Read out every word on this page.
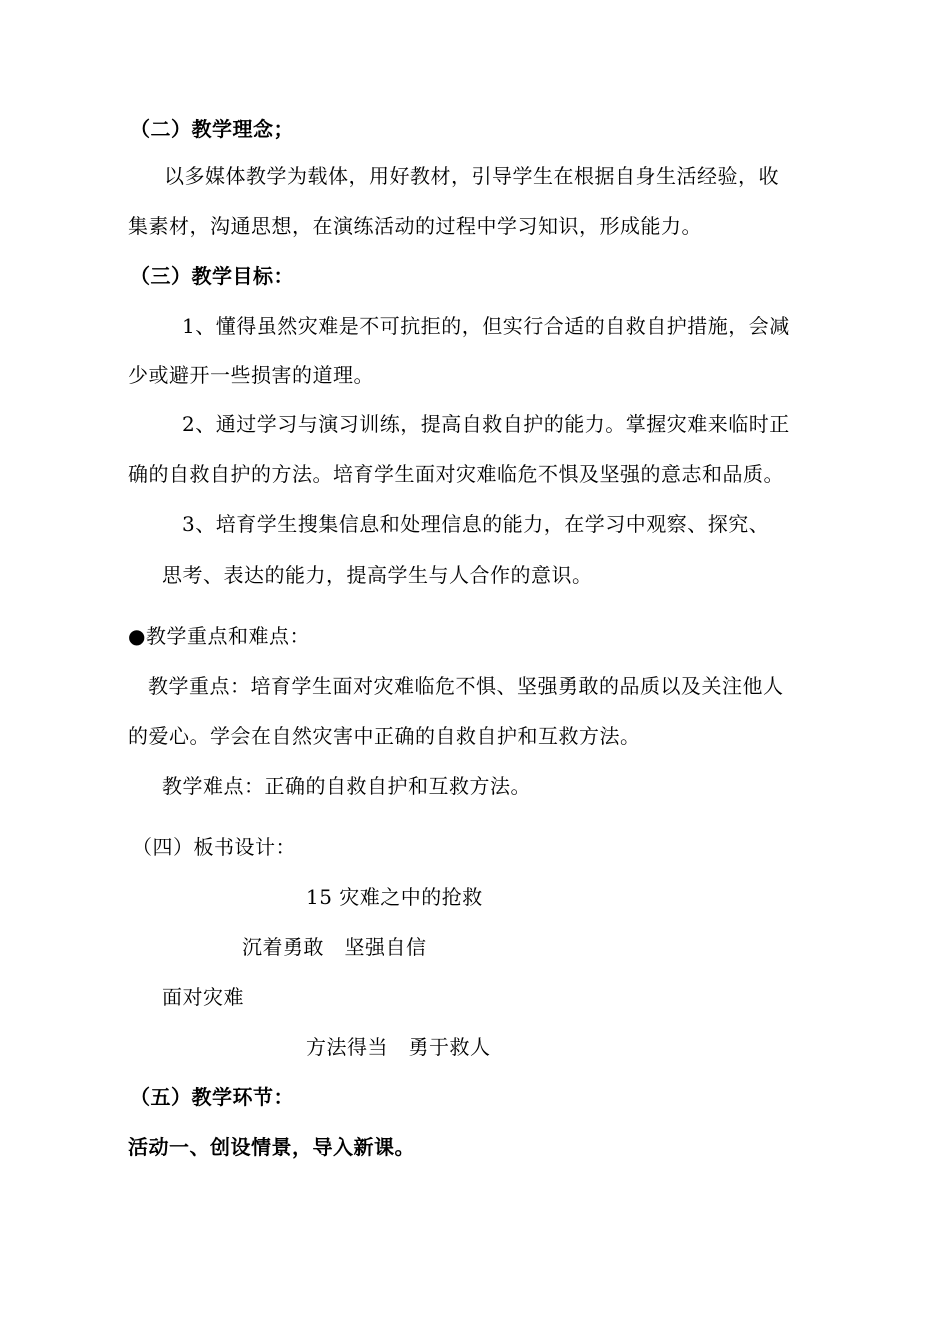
（二）教学理念；
以多媒体教学为载体，用好教材，引导学生在根据自身生活经验，收
集素材，沟通思想，在演练活动的过程中学习知识，形成能力。
（三）教学目标：
1、懂得虽然灾难是不可抗拒的，但实行合适的自救自护措施，会减
少或避开一些损害的道理。
2、通过学习与演习训练，提高自救自护的能力。掌握灾难来临时正
确的自救自护的方法。培育学生面对灾难临危不惧及坚强的意志和品质。
3、培育学生搜集信息和处理信息的能力，在学习中观察、探究、
思考、表达的能力，提高学生与人合作的意识。
●教学重点和难点：
教学重点：培育学生面对灾难临危不惧、坚强勇敢的品质以及关注他人
的爱心。学会在自然灾害中正确的自救自护和互救方法。
教学难点：正确的自救自护和互救方法。
（四）板书设计：
15 灾难之中的抢救
沉着勇敢　坚强自信
面对灾难
方法得当　勇于救人
（五）教学环节：
活动一、创设情景，导入新课。
